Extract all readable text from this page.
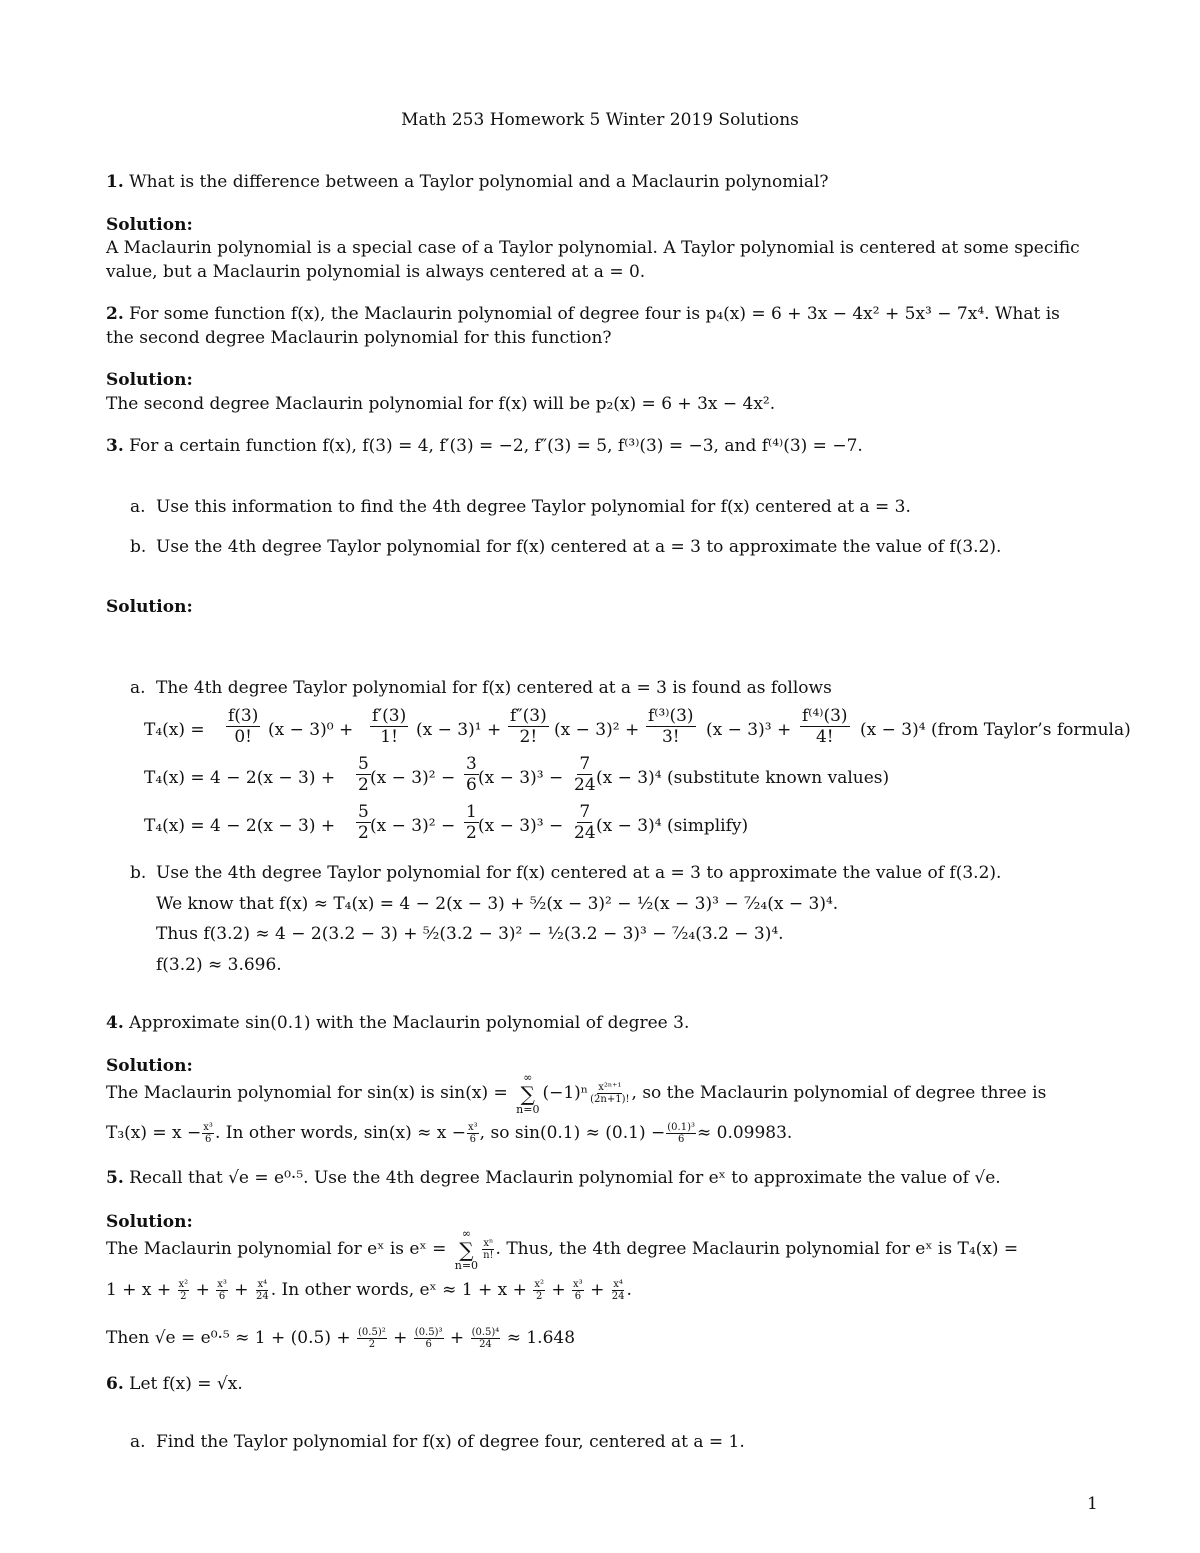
Math 253 Homework 5 Winter 2019 Solutions
1. What is the difference between a Taylor polynomial and a Maclaurin polynomial?
Solution:
A Maclaurin polynomial is a special case of a Taylor polynomial. A Taylor polynomial is centered at some specific
value, but a Maclaurin polynomial is always centered at a = 0.
2. For some function f(x), the Maclaurin polynomial of degree four is p₄(x) = 6 + 3x − 4x² + 5x³ − 7x⁴. What is
the second degree Maclaurin polynomial for this function?
Solution:
The second degree Maclaurin polynomial for f(x) will be p₂(x) = 6 + 3x − 4x².
3. For a certain function f(x), f(3) = 4, f′(3) = −2, f″(3) = 5, f⁽³⁾(3) = −3, and f⁽⁴⁾(3) = −7.
a. Use this information to find the 4th degree Taylor polynomial for f(x) centered at a = 3.
b. Use the 4th degree Taylor polynomial for f(x) centered at a = 3 to approximate the value of f(3.2).
Solution:
a. The 4th degree Taylor polynomial for f(x) centered at a = 3 is found as follows
$T_4(x) = \frac{f(3)}{0!} (x - 3)^0 + \frac{f'(3)}{1!} (x - 3)^1 + \frac{f''(3)}{2!} (x - 3)^2 + \frac{\text{f⁽³⁾(3)}}{3!} (x - 3)^3 + \frac{\text{f⁽⁴⁾(3)}}{4!} (x - 3)^4$ (from Taylor’s formula)
$T_4(x) = 4 - 2(x - 3) + \frac{5}{2} (x - 3)^2 - \frac{3}{6} (x - 3)^3 - \frac{7}{24}$
(x − 3)⁴ (substitute known values)
$T_4(x) = 4 - 2(x - 3) + \frac{5}{2} (x - 3)^2 - \frac{1}{2} (x - 3)^3 - \frac{7}{24}$
(x − 3)⁴ (simplify)
b. Use the 4th degree Taylor polynomial for f(x) centered at a = 3 to approximate the value of f(3.2).
We know that f(x) ≈ T₄(x) = 4 − 2(x − 3) + ⁵⁄₂(x − 3)² − ¹⁄₂(x − 3)³ − ⁷⁄₂₄(x − 3)⁴.
Thus f(3.2) ≈ 4 − 2(3.2 − 3) + ⁵⁄₂(3.2 − 3)² − ¹⁄₂(3.2 − 3)³ − ⁷⁄₂₄(3.2 − 3)⁴.
f(3.2) ≈ 3.696.
4. Approximate sin(0.1) with the Maclaurin polynomial of degree 3.
Solution:
The Maclaurin polynomial for sin(x) is sin(x) =
∞
∑
n=0
$(-1)^n \frac{\text{x²ⁿ⁺¹}}{(2n+1)!}$ , so the Maclaurin polynomial of degree three is
$T_3(x) = x - \frac{\text{x³}}{6}$ . In other words, $\sin(x) \approx x - \frac{\text{x³}}{6}$ , so $\sin(0.1) \approx (0.1) - \frac{\text{(0.1)³}}{6} \approx 0.09983$.
5. Recall that √e = e⁰·⁵. Use the 4th degree Maclaurin polynomial for eˣ to approximate the value of √e.
Solution:
The Maclaurin polynomial for eˣ is eˣ =
∞
∑
n=0
$\frac{\text{xⁿ}}{n!}$ . Thus, the 4th degree Maclaurin polynomial for eˣ is T₄(x) =
$1 + x + \frac{\text{x²}}{2} + \frac{\text{x³}}{6} + \frac{\text{x⁴}}{24}$ . In other words, eˣ ≈ $1 + x + \frac{\text{x²}}{2} + \frac{\text{x³}}{6} + \frac{\text{x⁴}}{24}$ .
Then $√e = e^0\cdot^5 \approx 1 + (0.5) + \frac{\text{(0.5)²}}{2} + \frac{\text{(0.5)³}}{6} + \frac{\text{(0.5)⁴}}{24} \approx 1.648$
6. Let f(x) = √x.
a. Find the Taylor polynomial for f(x) of degree four, centered at a = 1.
1
